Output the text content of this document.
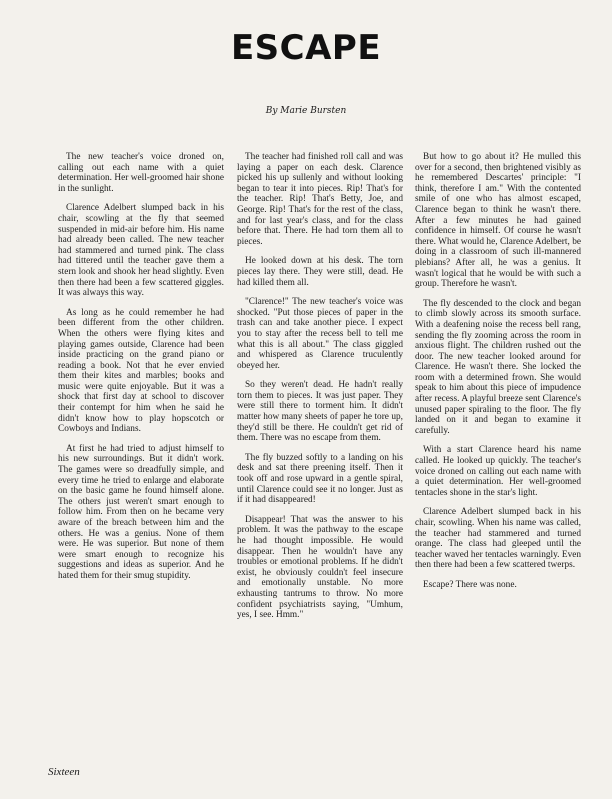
ESCAPE
By Marie Bursten

The new teacher's voice droned on, calling out each name with a quiet determination. Her well-groomed hair shone in the sunlight.

Clarence Adelbert slumped back in his chair, scowling at the fly that seemed suspended in mid-air before him. His name had already been called. The new teacher had stammered and turned pink. The class had tittered until the teacher gave them a stern look and shook her head slightly. Even then there had been a few scattered giggles. It was always this way.

As long as he could remember he had been different from the other children. When the others were flying kites and playing games outside, Clarence had been inside practicing on the grand piano or reading a book. Not that he ever envied them their kites and marbles; books and music were quite enjoyable. But it was a shock that first day at school to discover their contempt for him when he said he didn't know how to play hopscotch or Cowboys and Indians.

At first he had tried to adjust himself to his new surroundings. But it didn't work. The games were so dreadfully simple, and every time he tried to enlarge and elaborate on the basic game he found himself alone. The others just weren't smart enough to follow him. From then on he became very aware of the breach between him and the others. He was a genius. None of them were. He was superior. But none of them were smart enough to recognize his suggestions and ideas as superior. And he hated them for their smug stupidity.

The teacher had finished roll call and was laying a paper on each desk. Clarence picked his up sullenly and without looking began to tear it into pieces. Rip! That's for the teacher. Rip! That's Betty, Joe, and George. Rip! That's for the rest of the class, and for last year's class, and for the class before that. There. He had torn them all to pieces.

He looked down at his desk. The torn pieces lay there. They were still, dead. He had killed them all.

"Clarence!" The new teacher's voice was shocked. "Put those pieces of paper in the trash can and take another piece. I expect you to stay after the recess bell to tell me what this is all about." The class giggled and whispered as Clarence truculently obeyed her.

So they weren't dead. He hadn't really torn them to pieces. It was just paper. They were still there to torment him. It didn't matter how many sheets of paper he tore up, they'd still be there. He couldn't get rid of them. There was no escape from them.

The fly buzzed softly to a landing on his desk and sat there preening itself. Then it took off and rose upward in a gentle spiral, until Clarence could see it no longer. Just as if it had disappeared!

Disappear! That was the answer to his problem. It was the pathway to the escape he had thought impossible. He would disappear. Then he wouldn't have any troubles or emotional problems. If he didn't exist, he obviously couldn't feel insecure and emotionally unstable. No more exhausting tantrums to throw. No more confident psychiatrists saying, "Umhum, yes, I see. Hmm."

But how to go about it? He mulled this over for a second, then brightened visibly as he remembered Descartes' principle: "I think, therefore I am." With the contented smile of one who has almost escaped, Clarence began to think he wasn't there. After a few minutes he had gained confidence in himself. Of course he wasn't there. What would he, Clarence Adelbert, be doing in a classroom of such ill-mannered plebians? After all, he was a genius. It wasn't logical that he would be with such a group. Therefore he wasn't.

The fly descended to the clock and began to climb slowly across its smooth surface. With a deafening noise the recess bell rang, sending the fly zooming across the room in anxious flight. The children rushed out the door. The new teacher looked around for Clarence. He wasn't there. She locked the room with a determined frown. She would speak to him about this piece of impudence after recess. A playful breeze sent Clarence's unused paper spiraling to the floor. The fly landed on it and began to examine it carefully.

With a start Clarence heard his name called. He looked up quickly. The teacher's voice droned on calling out each name with a quiet determination. Her well-groomed tentacles shone in the star's light.

Clarence Adelbert slumped back in his chair, scowling. When his name was called, the teacher had stammered and turned orange. The class had gleeped until the teacher waved her tentacles warningly. Even then there had been a few scattered twerps.

Escape? There was none.

Sixteen
